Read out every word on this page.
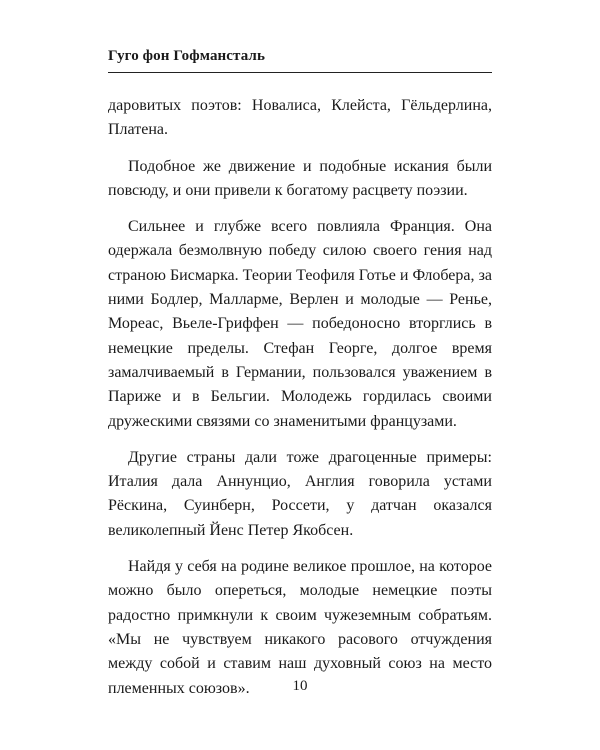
Гуго фон Гофмансталь

даровитых поэтов: Новалиса, Клейста, Гёльдерлина, Платена.

Подобное же движение и подобные искания были повсюду, и они привели к богатому расцвету поэзии.

Сильнее и глубже всего повлияла Франция. Она одержала безмолвную победу силою своего гения над страною Бисмарка. Теории Теофиля Готье и Флобера, за ними Бодлер, Малларме, Верлен и молодые — Ренье, Мореас, Вьеле-Гриффен — победоносно вторглись в немецкие пределы. Стефан Георге, долгое время замалчиваемый в Германии, пользовался уважением в Париже и в Бельгии. Молодежь гордилась своими дружескими связями со знаменитыми французами.

Другие страны дали тоже драгоценные примеры: Италия дала Аннунцио, Англия говорила устами Рёскина, Суинберн, Россети, у датчан оказался великолепный Йенс Петер Якобсен.

Найдя у себя на родине великое прошлое, на которое можно было опереться, молодые немецкие поэты радостно примкнули к своим чужеземным собратьям. «Мы не чувствуем никакого расового отчуждения между собой и ставим наш духовный союз на место племенных союзов».	10
